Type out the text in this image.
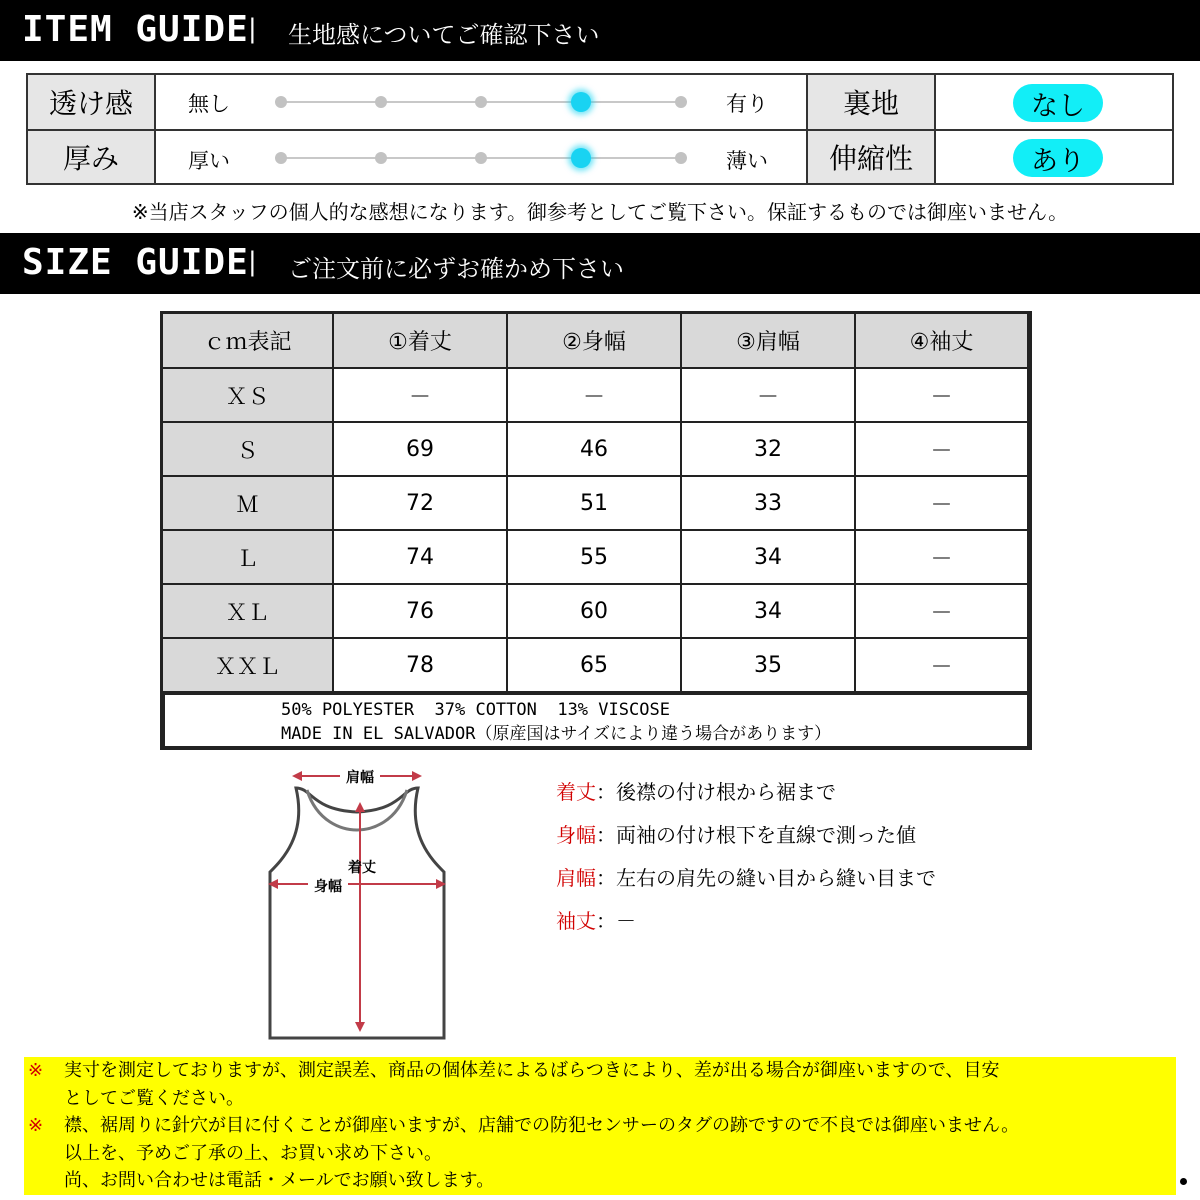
ITEM GUIDE | 生地感についてご確認下さい
透け感	無し	有り	裏地	なし
厚み	厚い	薄い	伸縮性	あり
※当店スタッフの個人的な感想になります。御参考としてご覧下さい。保証するものでは御座いません。
SIZE GUIDE | ご注文前に必ずお確かめ下さい
50% POLYESTER  37% COTTON  13% VISCOSE
MADE IN EL SALVADOR（原産国はサイズにより違う場合があります）
ｃｍ表記	①着丈	②身幅	③肩幅	④袖丈
ＸＳ	－	－	－	－
Ｓ	69	46	32	－
Ｍ	72	51	33	－
Ｌ	74	55	34	－
ＸＬ	76	60	34	－
ＸＸＬ	78	65	35	－
肩幅
着丈
身幅
着丈：後襟の付け根から裾まで
身幅：両袖の付け根下を直線で測った値
肩幅：左右の肩先の縫い目から縫い目まで
袖丈：－
※ 実寸を測定しておりますが、測定誤差、商品の個体差によるばらつきにより、差が出る場合が御座いますので、目安
としてご覧ください。
※ 襟、裾周りに針穴が目に付くことが御座いますが、店舗での防犯センサーのタグの跡ですので不良では御座いません。
以上を、予めご了承の上、お買い求め下さい。
尚、お問い合わせは電話・メールでお願い致します。
